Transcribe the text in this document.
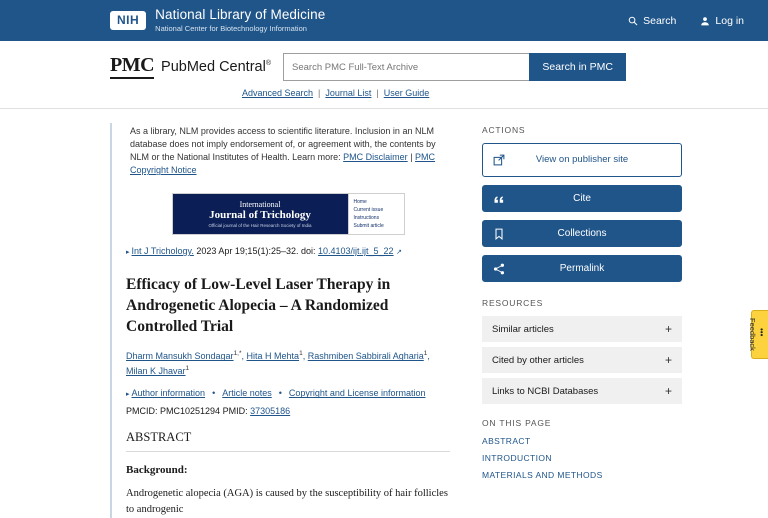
NIH	National Library of Medicine
National Center for Biotechnology Information
Search	Log in
PMC PubMed Central®
Search PMC Full-Text Archive	Search in PMC
Advanced Search | Journal List | User Guide
As a library, NLM provides access to scientific literature. Inclusion in an NLM database does not imply endorsement of, or agreement with, the contents by NLM or the National Institutes of Health. Learn more: PMC Disclaimer | PMC Copyright Notice
International
Journal of Trichology
Official journal of the Hair Research Society of India
Home
Current issue
Instructions
Submit article
▸ Int J Trichology. 2023 Apr 19;15(1):25–32. doi: 10.4103/ijt.ijt_5_22 ↗
Efficacy of Low-Level Laser Therapy in Androgenetic Alopecia – A Randomized Controlled Trial
Dharm Mansukh Sondagar$^{1,*}$, Hita H Mehta$^1$, Rashmiben Sabbirali Agharia$^1$, Milan K Jhavar$^1$
▸ Author information • Article notes • Copyright and License information
PMCID: PMC10251294 PMID: 37305186
ABSTRACT
Background:

Androgenetic alopecia (AGA) is caused by the susceptibility of hair follicles to androgenic

ACTIONS
View on publisher site
Cite
Collections
Permalink
RESOURCES
Similar articles	+
Cited by other articles	+
Links to NCBI Databases	+
ON THIS PAGE
ABSTRACT
INTRODUCTION
MATERIALS AND METHODS
•••
Feedback
